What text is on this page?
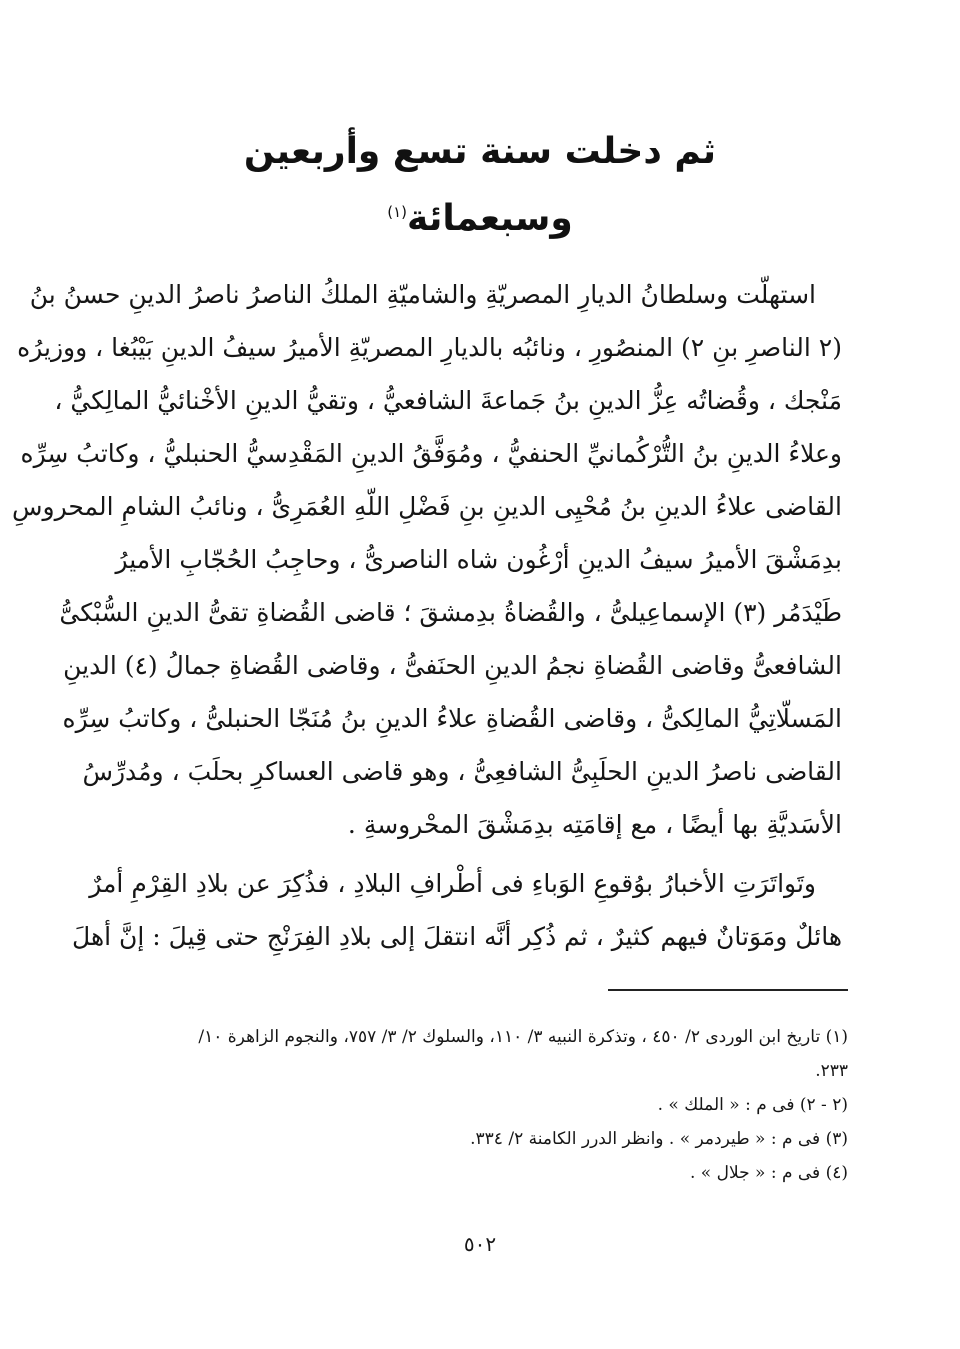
ثم دخلت سنة تسع وأربعين وسبعمائة$^{(١)}$
استهلّت وسلطانُ الديارِ المصريّةِ والشاميّةِ الملكُ الناصرُ ناصرُ الدينِ حسنُ بنُ
(٢ الناصرِ بنِ ٢) المنصُورِ ، ونائبُه بالديارِ المصريّةِ الأميرُ سيفُ الدينِ بَيْبُغا ، ووزيرُه
مَنْجك ، وقُضاتُه عِزُّ الدينِ بنُ جَماعةَ الشافعيُّ ، وتقيُّ الدينِ الأخْنائيُّ المالِكيُّ ،
وعلاءُ الدينِ بنُ التُّرْكُمانيِّ الحنفيُّ ، ومُوَفَّقُ الدينِ المَقْدِسيُّ الحنبليُّ ، وكاتبُ سِرِّه
القاضى علاءُ الدينِ بنُ مُحْيِى الدينِ بنِ فَضْلِ اللّهِ العُمَرِىُّ ، ونائبُ الشامِ المحروسِ
بدِمَشْقَ الأميرُ سيفُ الدينِ أرْغُون شاه الناصرىُّ ، وحاجِبُ الحُجّابِ الأميرُ
طَيْدَمُر (٣) الإسماعِيلىُّ ، والقُضاةُ بدِمشقَ ؛ قاضى القُضاةِ تقىُّ الدينِ السُّبْكىُّ
الشافعىُّ وقاضى القُضاةِ نجمُ الدينِ الحنَفىُّ ، وقاضى القُضاةِ جمالُ (٤) الدينِ
المَسلّاتِيُّ المالِكىُّ ، وقاضى القُضاةِ علاءُ الدينِ بنُ مُنَجّا الحنبلىُّ ، وكاتبُ سِرِّه
القاضى ناصرُ الدينِ الحلَبِىُّ الشافعِىُّ ، وهو قاضى العساكرِ بحلَبَ ، ومُدرِّسُ
الأسَديَّةِ بها أيضًا ، مع إقامَتِه بدِمَشْقَ المحْروسةِ .
وتَواتَرَتِ الأخبارُ بوُقوعِ الوَباءِ فى أطْرافِ البلادِ ، فذُكِرَ عن بلادِ القِرْمِ أمرٌ
هائلٌ ومَوَتانٌ فيهم كثيرٌ ، ثم ذُكِر أنَّه انتقلَ إلى بلادِ الفِرَنْجِ حتى قِيلَ : إنَّ أهلَ
(١) تاريخ ابن الوردى ٢/ ٤٥٠ ، وتذكرة النبيه ٣/ ١١٠، والسلوك ٢/ ٣/ ٧٥٧، والنجوم الزاهرة ١٠/
٢٣٣.
(٢ - ٢) فى م : « الملك » .
(٣) فى م : « طيردمر » . وانظر الدرر الكامنة ٢/ ٣٣٤.
(٤) فى م : « جلال » .
٥٠٢
